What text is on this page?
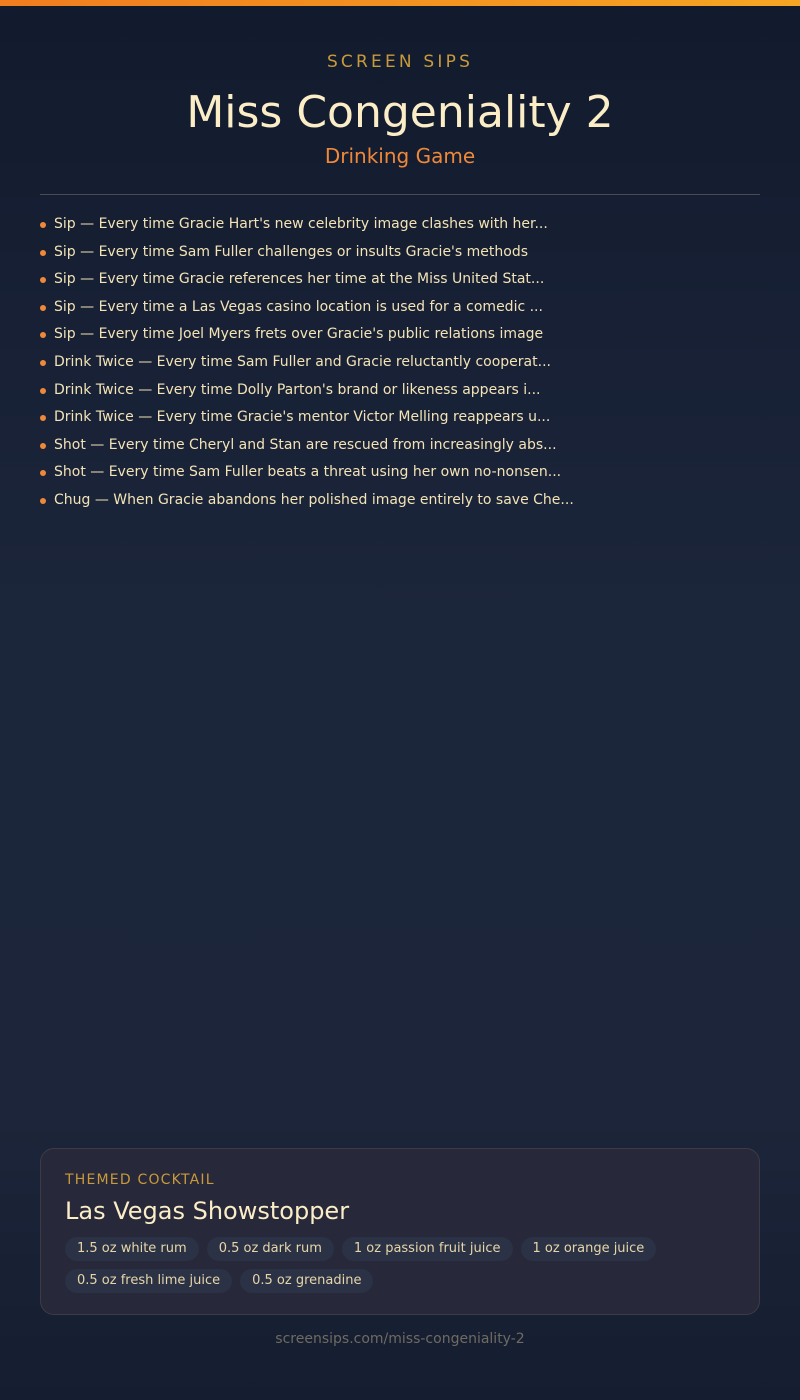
SCREEN SIPS
Miss Congeniality 2
Drinking Game
Sip — Every time Gracie Hart's new celebrity image clashes with her...
Sip — Every time Sam Fuller challenges or insults Gracie's methods
Sip — Every time Gracie references her time at the Miss United Stat...
Sip — Every time a Las Vegas casino location is used for a comedic ...
Sip — Every time Joel Myers frets over Gracie's public relations image
Drink Twice — Every time Sam Fuller and Gracie reluctantly cooperat...
Drink Twice — Every time Dolly Parton's brand or likeness appears i...
Drink Twice — Every time Gracie's mentor Victor Melling reappears u...
Shot — Every time Cheryl and Stan are rescued from increasingly abs...
Shot — Every time Sam Fuller beats a threat using her own no-nonsen...
Chug — When Gracie abandons her polished image entirely to save Che...
THEMED COCKTAIL
Las Vegas Showstopper
1.5 oz white rum	0.5 oz dark rum	1 oz passion fruit juice	1 oz orange juice
0.5 oz fresh lime juice	0.5 oz grenadine
screensips.com/miss-congeniality-2
